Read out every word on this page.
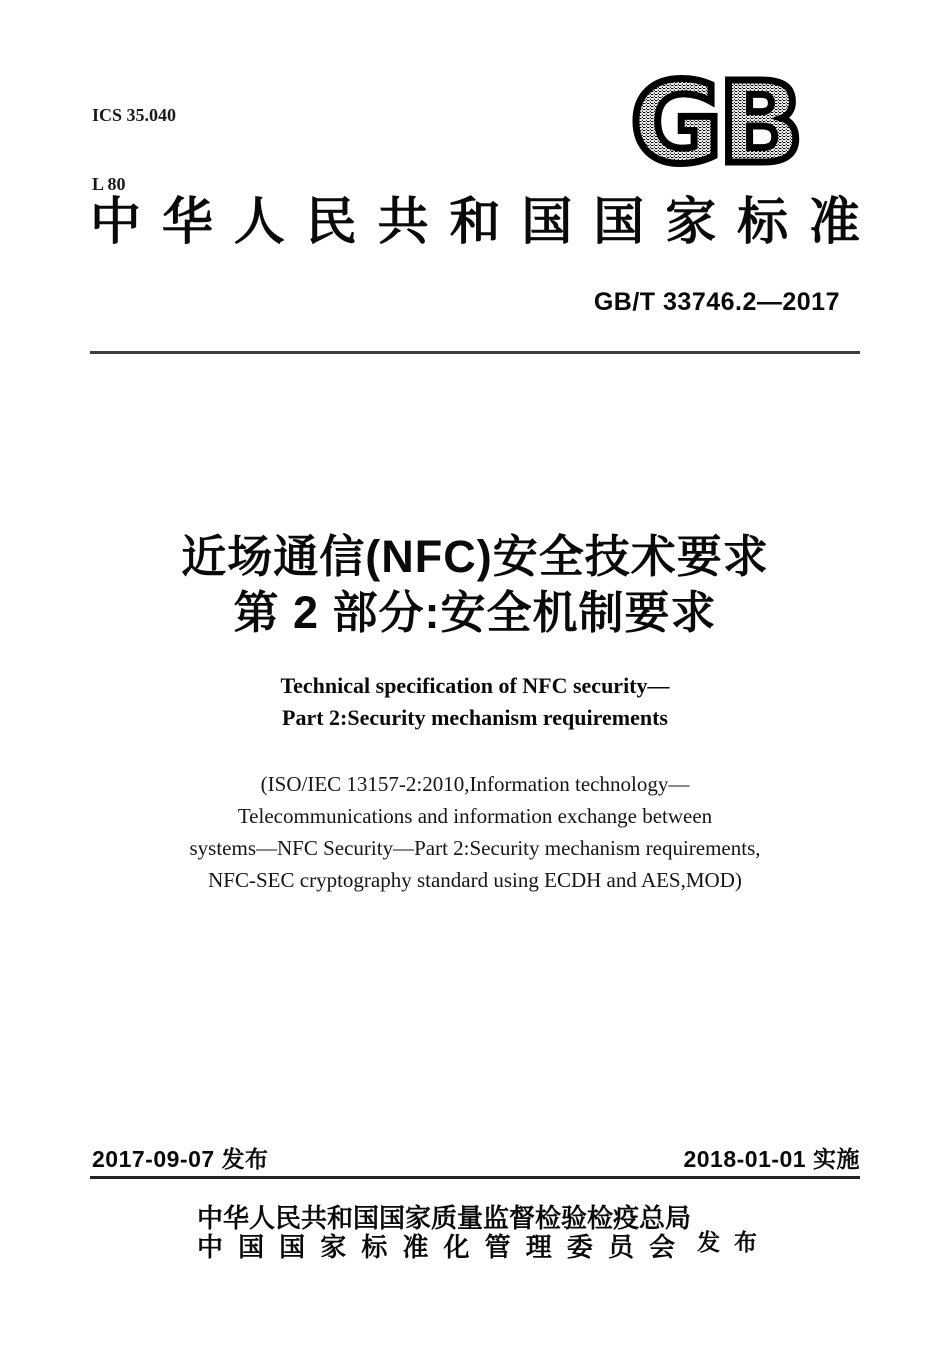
ICS 35.040

L 80

	GB
中华人民共和国国家标准
GB/T 33746.2—2017
近场通信(NFC)安全技术要求
第 2 部分:安全机制要求
Technical specification of NFC security—
Part 2:Security mechanism requirements
(ISO/IEC 13157-2:2010,Information technology—
Telecommunications and information exchange between
systems—NFC Security—Part 2:Security mechanism requirements,
NFC-SEC cryptography standard using ECDH and AES,MOD)
2017-09-07 发布	2018-01-01 实施
中华人民共和国国家质量监督检验检疫总局
中国国家标准化管理委员会 发布
